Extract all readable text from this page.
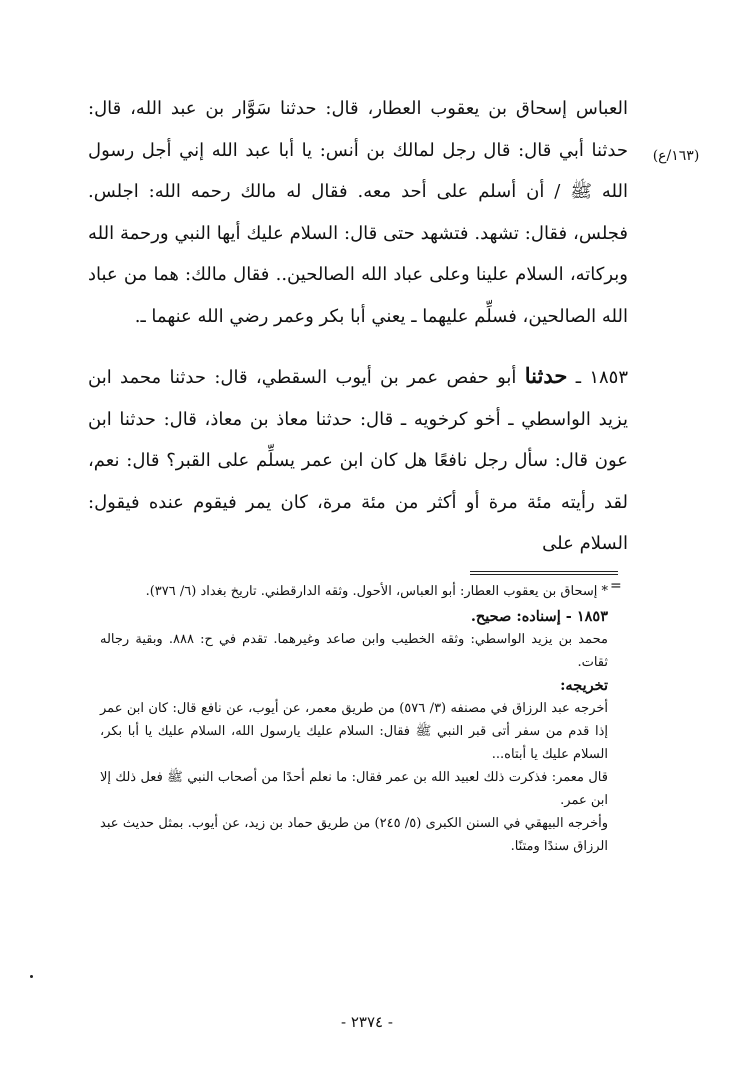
العباس إسحاق بن يعقوب العطار، قال: حدثنا سَوَّار بن عبد الله، قال: حدثنا أبي قال: قال رجل لمالك بن أنس: يا أبا عبد الله إني أجل رسول الله ﷺ / أن أسلم على أحد معه. فقال له مالك رحمه الله: اجلس. فجلس، فقال: تشهد. فتشهد حتى قال: السلام عليك أيها النبي ورحمة الله وبركاته، السلام علينا وعلى عباد الله الصالحين.. فقال مالك: هما من عباد الله الصالحين، فسلِّم عليهما ـ يعني أبا بكر وعمر رضي الله عنهما ـ.

١٨٥٣ ـ حدثنا أبو حفص عمر بن أيوب السقطي، قال: حدثنا محمد ابن يزيد الواسطي ـ أخو كرخويه ـ قال: حدثنا معاذ بن معاذ، قال: حدثنا ابن عون قال: سأل رجل نافعًا هل كان ابن عمر يسلِّم على القبر؟ قال: نعم، لقد رأيته مئة مرة أو أكثر من مئة مرة، كان يمر فيقوم عنده فيقول: السلام على

(١٦٣/ع)
=

* إسحاق بن يعقوب العطار: أبو العباس، الأحول. وثقه الدارقطني. تاريخ بغداد (٦/ ٣٧٦).

١٨٥٣ - إسناده: صحيح.

محمد بن يزيد الواسطي: وثقه الخطيب وابن صاعد وغيرهما. تقدم في ح: ٨٨٨. وبقية رجاله ثقات.

تخريجه:

أخرجه عبد الرزاق في مصنفه (٣/ ٥٧٦) من طريق معمر، عن أيوب، عن نافع قال: كان ابن عمر إذا قدم من سفر أتى قبر النبي ﷺ فقال: السلام عليك يارسول الله، السلام عليك يا أبا بكر، السلام عليك يا أبتاه...

قال معمر: فذكرت ذلك لعبيد الله بن عمر فقال: ما نعلم أحدًا من أصحاب النبي ﷺ فعل ذلك إلا ابن عمر.

وأخرجه البيهقي في السنن الكبرى (٥/ ٢٤٥) من طريق حماد بن زيد، عن أيوب. بمثل حديث عبد الرزاق سندًا ومتنًا.

- ٢٣٧٤ -
